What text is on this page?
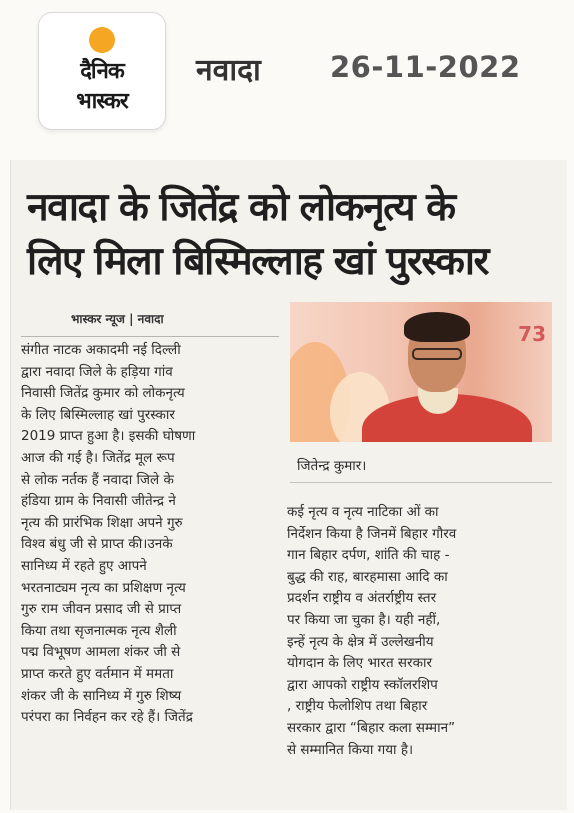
दैनिक
भास्कर
नवादा 26-11-2022
नवादा के जितेंद्र को लोकनृत्य के
लिए मिला बिस्मिल्लाह खां पुरस्कार
भास्कर न्यूज | नवादा
73
जितेन्द्र कुमार।
संगीत नाटक अकादमी नई दिल्ली
द्वारा नवादा जिले के हड़िया गांव
निवासी जितेंद्र कुमार को लोकनृत्य
के लिए बिस्मिल्लाह खां पुरस्कार
2019 प्राप्त हुआ है। इसकी घोषणा
आज की गई है। जितेंद्र मूल रूप
से लोक नर्तक हैं नवादा जिले के
हंडिया ग्राम के निवासी जीतेन्द्र ने
नृत्य की प्रारंभिक शिक्षा अपने गुरु
विश्व बंधु जी से प्राप्त की।उनके
सानिध्य में रहते हुए आपने
भरतनाट्यम नृत्य का प्रशिक्षण नृत्य
गुरु राम जीवन प्रसाद जी से प्राप्त
किया तथा सृजनात्मक नृत्य शैली
पद्म विभूषण आमला शंकर जी से
प्राप्त करते हुए वर्तमान में ममता
शंकर जी के सानिध्य में गुरु शिष्य
परंपरा का निर्वहन कर रहे हैं। जितेंद्र
कई नृत्य व नृत्य नाटिका ओं का
निर्देशन किया है जिनमें बिहार गौरव
गान बिहार दर्पण, शांति की चाह -
बुद्ध की राह, बारहमासा आदि का
प्रदर्शन राष्ट्रीय व अंतर्राष्ट्रीय स्तर
पर किया जा चुका है। यही नहीं,
इन्हें नृत्य के क्षेत्र में उल्लेखनीय
योगदान के लिए भारत सरकार
द्वारा आपको राष्ट्रीय स्कॉलरशिप
, राष्ट्रीय फेलोशिप तथा बिहार
सरकार द्वारा “बिहार कला सम्मान”
से सम्मानित किया गया है।
